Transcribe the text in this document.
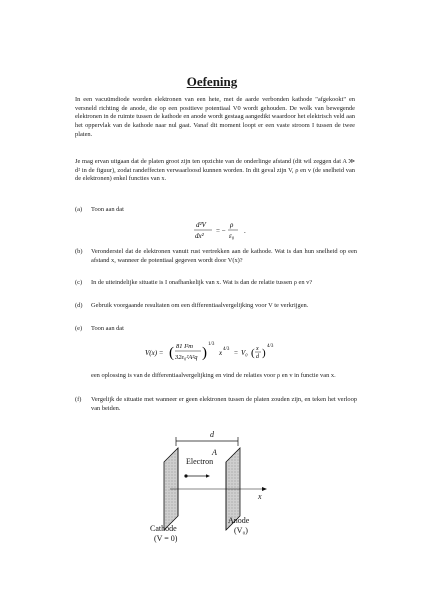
Oefening
In een vacuümdiode worden elektronen van een hete, met de aarde verbonden kathode "afgekookt" en versneld richting de anode, die op een positieve potentiaal V0 wordt gehouden. De wolk van bewegende elektronen in de ruimte tussen de kathode en anode wordt gestaag aangedikt waardoor het elektrisch veld aan het oppervlak van de kathode naar nul gaat. Vanaf dit moment loopt er een vaste stroom I tussen de twee platen.
Je mag ervan uitgaan dat de platen groot zijn ten opzichte van de onderlinge afstand (dit wil zeggen dat A ≫ d² in de figuur), zodat randeffecten verwaarloosd kunnen worden. In dit geval zijn V, ρ en v (de snelheid van de elektronen) enkel functies van x.
(a) Toon aan dat
d²V
dx²
= −
ρ
ε₀
.
(b) Veronderstel dat de elektronen vanuit rust vertrekken aan de kathode. Wat is dan hun snelheid op een afstand x, wanneer de potentiaal gegeven wordt door V(x)?
(c) In de uiteindelijke situatie is I onafhankelijk van x. Wat is dan de relatie tussen ρ en v?
(d) Gebruik voorgaande resultaten om een differentiaalvergelijking voor V te verkrijgen.
(e) Toon aan dat
V(x) = ( 81 I²m
32ε₀²A²q )
1/3
x 4/3 = V₀ ( x
d )
4/3
een oplossing is van de differentiaalvergelijking en vind de relaties voor ρ en v in functie van x.
(f) Vergelijk de situatie met wanneer er geen elektronen tussen de platen zouden zijn, en teken het verloop van beiden.
d
A
Electron
x
Anode
(V₀)
Cathode
(V = 0)
